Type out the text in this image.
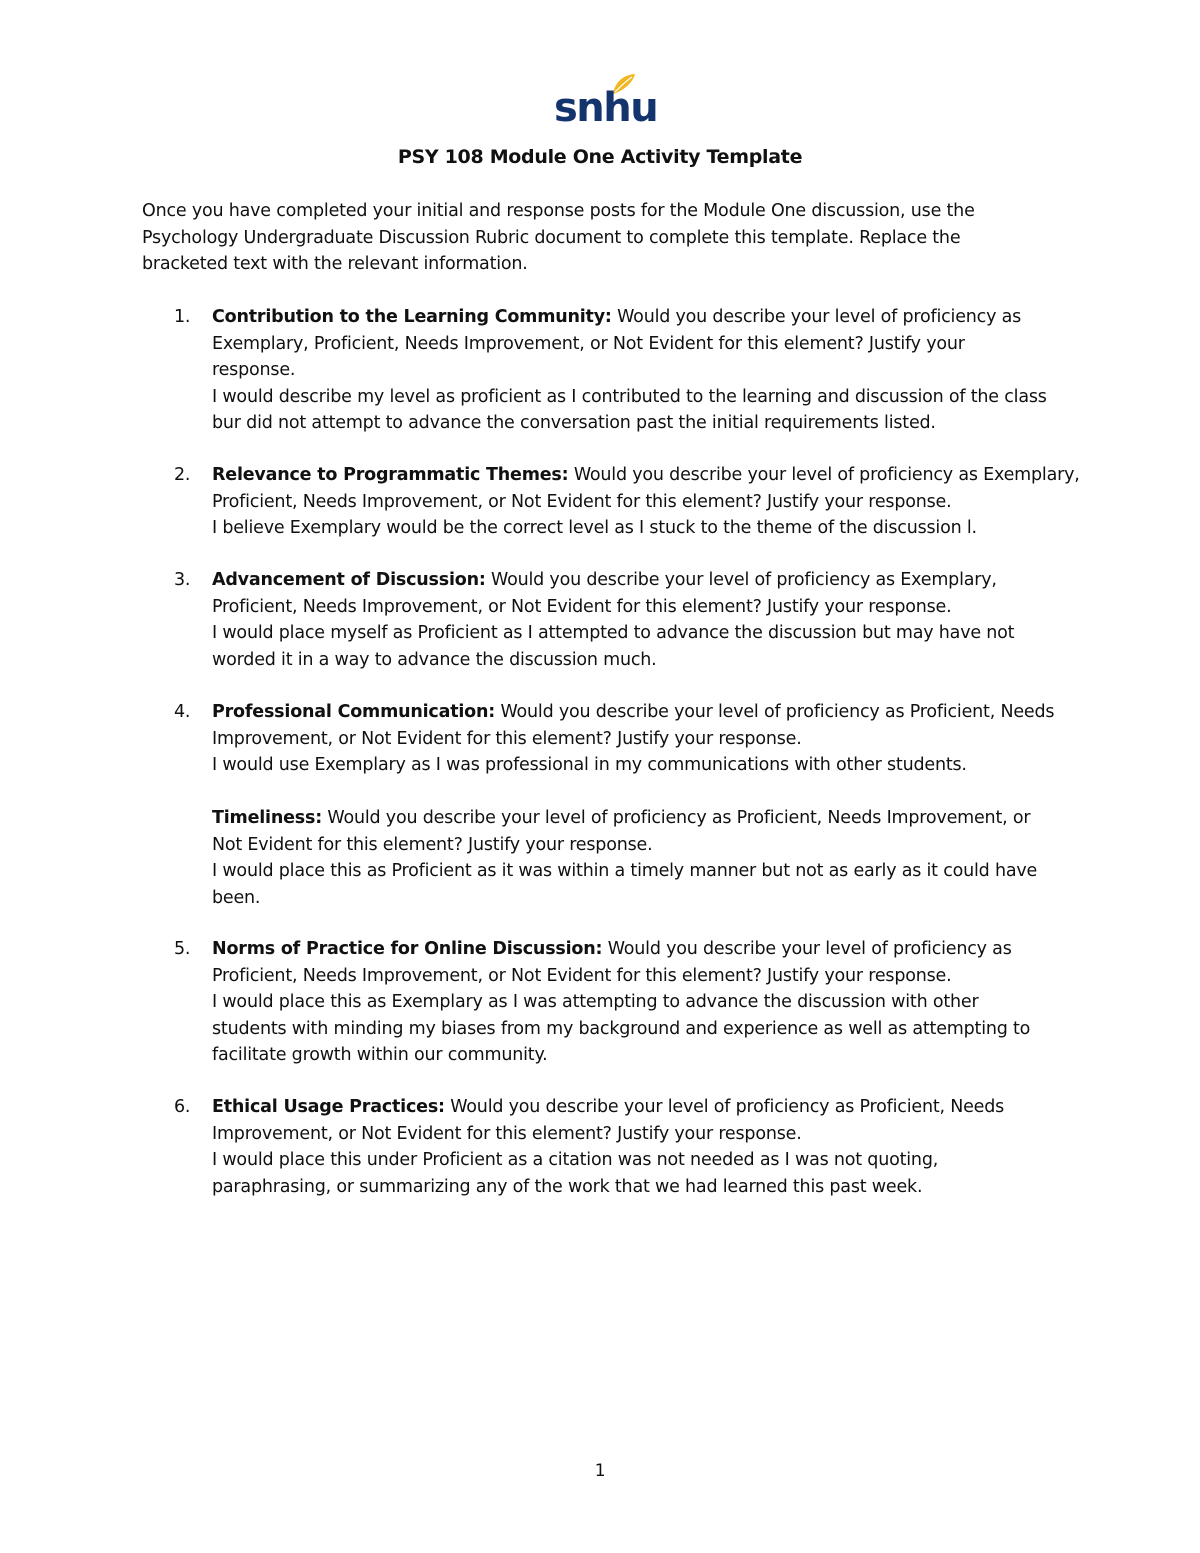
snhu
PSY 108 Module One Activity Template

Once you have completed your initial and response posts for the Module One discussion, use the Psychology Undergraduate Discussion Rubric document to complete this template. Replace the bracketed text with the relevant information.

1. Contribution to the Learning Community: Would you describe your level of proficiency as
Exemplary, Proficient, Needs Improvement, or Not Evident for this element? Justify your
response.
I would describe my level as proficient as I contributed to the learning and discussion of the class
bur did not attempt to advance the conversation past the initial requirements listed.
2. Relevance to Programmatic Themes: Would you describe your level of proficiency as Exemplary,
Proficient, Needs Improvement, or Not Evident for this element? Justify your response.
I believe Exemplary would be the correct level as I stuck to the theme of the discussion l.
3. Advancement of Discussion: Would you describe your level of proficiency as Exemplary,
Proficient, Needs Improvement, or Not Evident for this element? Justify your response.
I would place myself as Proficient as I attempted to advance the discussion but may have not
worded it in a way to advance the discussion much.
4. Professional Communication: Would you describe your level of proficiency as Proficient, Needs
Improvement, or Not Evident for this element? Justify your response.
I would use Exemplary as I was professional in my communications with other students.
Timeliness: Would you describe your level of proficiency as Proficient, Needs Improvement, or
Not Evident for this element? Justify your response.
I would place this as Proficient as it was within a timely manner but not as early as it could have
been.
5. Norms of Practice for Online Discussion: Would you describe your level of proficiency as
Proficient, Needs Improvement, or Not Evident for this element? Justify your response.
I would place this as Exemplary as I was attempting to advance the discussion with other
students with minding my biases from my background and experience as well as attempting to
facilitate growth within our community.
6. Ethical Usage Practices: Would you describe your level of proficiency as Proficient, Needs
Improvement, or Not Evident for this element? Justify your response.
I would place this under Proficient as a citation was not needed as I was not quoting,
paraphrasing, or summarizing any of the work that we had learned this past week.
1
